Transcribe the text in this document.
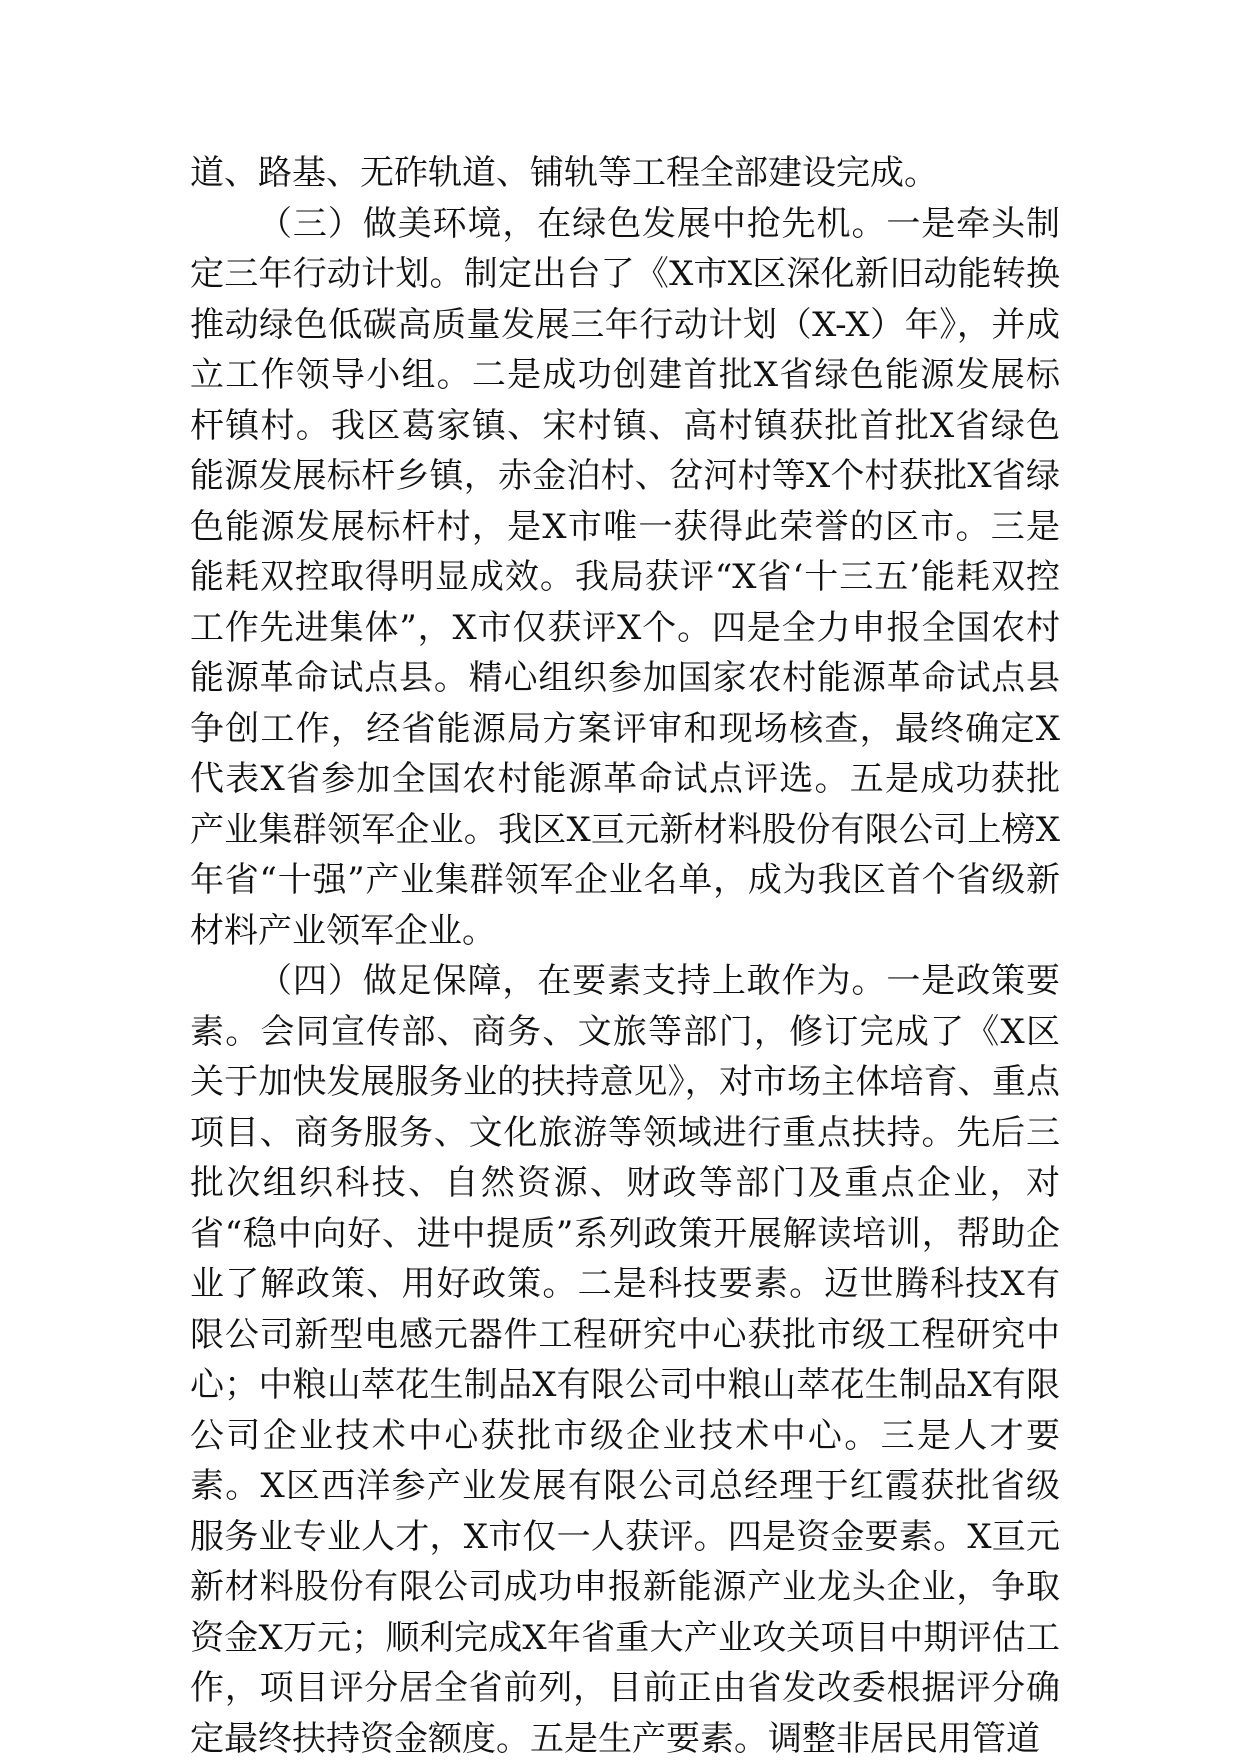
道、路基、无砟轨道、铺轨等工程全部建设完成。

（三）做美环境，在绿色发展中抢先机。一是牵头制定三年行动计划。制定出台了《X市X区深化新旧动能转换推动绿色低碳高质量发展三年行动计划（X-X）年》，并成立工作领导小组。二是成功创建首批X省绿色能源发展标杆镇村。我区葛家镇、宋村镇、高村镇获批首批X省绿色能源发展标杆乡镇，赤金泊村、岔河村等X个村获批X省绿色能源发展标杆村，是X市唯一获得此荣誉的区市。三是能耗双控取得明显成效。我局获评“X省‘十三五’能耗双控工作先进集体”，X市仅获评X个。四是全力申报全国农村能源革命试点县。精心组织参加国家农村能源革命试点县争创工作，经省能源局方案评审和现场核查，最终确定X代表X省参加全国农村能源革命试点评选。五是成功获批产业集群领军企业。我区X亘元新材料股份有限公司上榜X年省“十强”产业集群领军企业名单，成为我区首个省级新材料产业领军企业。

（四）做足保障，在要素支持上敢作为。一是政策要素。会同宣传部、商务、文旅等部门，修订完成了《X区关于加快发展服务业的扶持意见》，对市场主体培育、重点项目、商务服务、文化旅游等领域进行重点扶持。先后三批次组织科技、自然资源、财政等部门及重点企业，对省“稳中向好、进中提质”系列政策开展解读培训，帮助企业了解政策、用好政策。二是科技要素。迈世腾科技X有限公司新型电感元器件工程研究中心获批市级工程研究中心；中粮山萃花生制品X有限公司中粮山萃花生制品X有限公司企业技术中心获批市级企业技术中心。三是人才要素。X区西洋参产业发展有限公司总经理于红霞获批省级服务业专业人才，X市仅一人获评。四是资金要素。X亘元新材料股份有限公司成功申报新能源产业龙头企业，争取资金X万元；顺利完成X年省重大产业攻关项目中期评估工作，项目评分居全省前列，目前正由省发改委根据评分确定最终扶持资金额度。五是生产要素。调整非居民用管道
